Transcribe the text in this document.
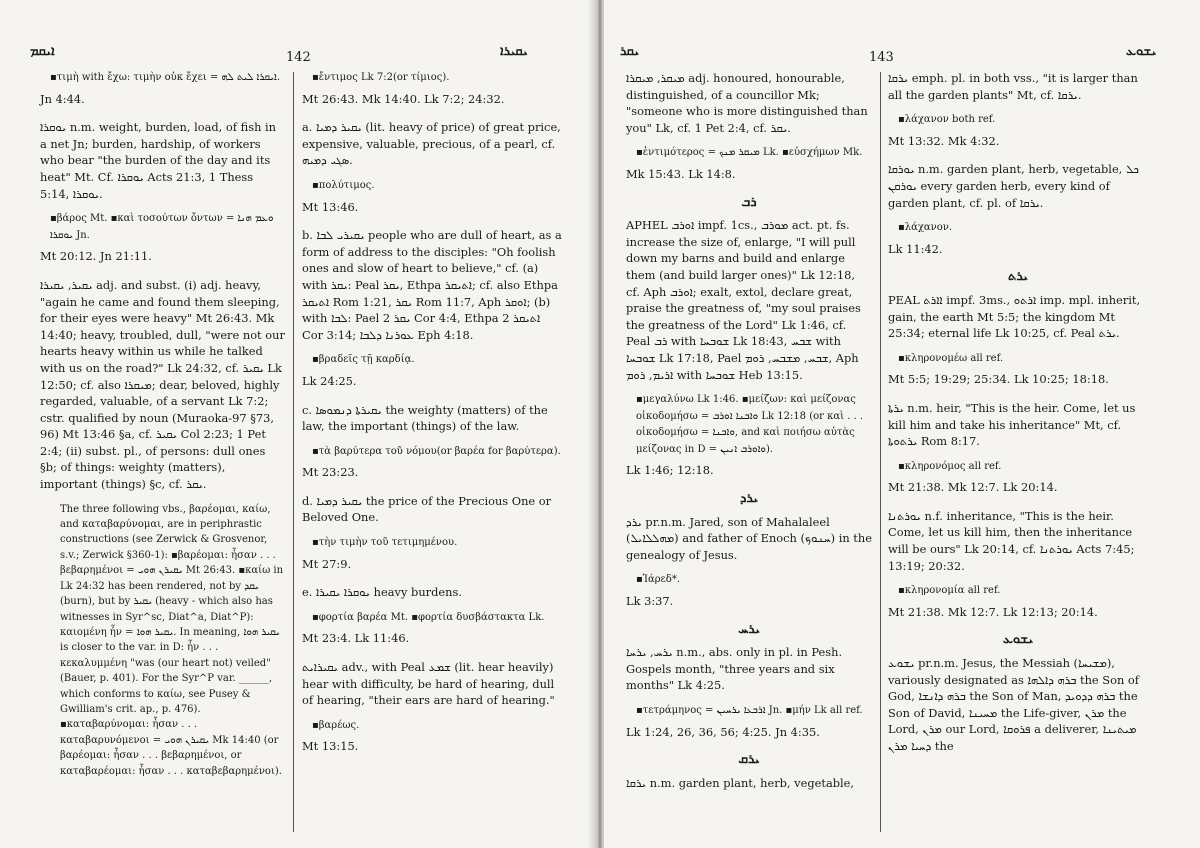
ܐܝܩܡ	142	ܝܩܝܪܐ

▪τιμὴ with ἔχω: τιμὴν οὐκ ἔχει = ܐܝܩܪܐ ܠܝܬ ܠܗ.

Jn 4:44.

ܝܘܩܪܐ n.m. weight, burden, load, of fish in a net Jn; burden, hardship, of workers who bear "the burden of the day and its heat" Mt. Cf. ܝܘܩܪܐ Acts 21:3, 1 Thess 5:14, ܝܘܩܪܐ.

▪βάρος Mt. ▪καὶ τοσούτων ὄντων = ܘܥܡ ܗܢܐ ܝܘܩܪܐ Jn.

Mt 20:12. Jn 21:11.

ܝܩܝܪ, ܝܩܝܪܐ adj. and subst. (i) adj. heavy, "again he came and found them sleeping, for their eyes were heavy" Mt 26:43. Mk 14:40; heavy, troubled, dull, "were not our hearts heavy within us while he talked with us on the road?" Lk 24:32, cf. ܝܩܝܪ Lk 12:50; cf. also ܡܝܩܪܐ; dear, beloved, highly regarded, valuable, of a servant Lk 7:2; cstr. qualified by noun (Muraoka-97 §73, 96) Mt 13:46 §a, cf. ܝܩܝܪ Col 2:23; 1 Pet 2:4; (ii) subst. pl., of persons: dull ones §b; of things: weighty (matters), important (things) §c, cf. ܝܩܪ.

The three following vbs., βαρέομαι, καίω, and καταβαρύνομαι, are in periphrastic constructions (see Zerwick & Grosvenor, s.v.; Zerwick §360-1): ▪βαρέομαι: ἦσαν . . . βεβαρημένοι = ܝܩܝܪܢ ܗܘܝ Mt 26:43. ▪καίω in Lk 24:32 has been rendered, not by ܝܩܕ (burn), but by ܝܩܝܪ (heavy - which also has witnesses in Syr^sc, Diat^a, Diat^P): καιομένη ἦν = ܝܩܝܪ ܗܘܐ. In meaning, ܝܩܝܪ ܗܘܐ is closer to the var. in D: ἦν . . . κεκαλυμμένη "was (our heart not) veiled" (Bauer, p. 401). For the Syr^P var. ______, which conforms to καίω, see Pusey & Gwilliam's crit. ap., p. 476). ▪καταβαρύνομαι: ἦσαν . . . καταβαρυνόμενοι = ܝܩܝܪܢ ܗܘܝ Mk 14:40 (or βαρέομαι: ἦσαν . . . βεβαρημένοι, or καταβαρέομαι: ἦσαν . . . καταβεβαρημένοι).

▪ἔντιμος Lk 7:2(or τίμιος).

Mt 26:43. Mk 14:40. Lk 7:2; 24:32.

a. ܝܩܝܪ ܕܡܝܐ (lit. heavy of price) of great price, expensive, valuable, precious, of a pearl, cf. ܣܓܝ ܕܡܝܗ.

▪πολύτιμος.

Mt 13:46.

b. ܝܩܝܪܝ ܠܒܐ people who are dull of heart, as a form of address to the disciples: "Oh foolish ones and slow of heart to believe," cf. (a) with ܝܩܪ: Peal ܝܩܪ, Ethpa ܐܬܝܩܪ; cf. also Ethpa ܐܬܝܩܪ Rom 1:21, ܝܩܪ Rom 11:7, Aph ܐܘܩܪ; (b) with ܠܒܐ: Pael ܝܩܪ 2 Cor 4:4, Ethpa ܐܬܝܩܪ 2 Cor 3:14; ܥܘܪܢܐ ܕܠܒܐ Eph 4:18.

▪βραδεῖς τῇ καρδίᾳ.

Lk 24:25.

c. ܝܩܝܪܬܐ ܕܢܡܘܣܐ the weighty (matters) of the law, the important (things) of the law.

▪τὰ βαρύτερα τοῦ νόμου(or βαρέα for βαρύτερα).

Mt 23:23.

d. ܝܩܝܪ ܕܡܝܐ the price of the Precious One or Beloved One.

▪τὴν τιμὴν τοῦ τετιμημένου.

Mt 27:9.

e. ܝܘܩܪܐ ܝܩܝܪܐ heavy burdens.

▪φορτία βαρέα Mt. ▪φορτία δυσβάστακτα Lk.

Mt 23:4. Lk 11:46.

ܝܩܝܪܐܝܬ adv., with Peal ܫܡܥ (lit. hear heavily) hear with difficulty, be hard of hearing, dull of hearing, "their ears are hard of hearing."

▪βαρέως.

Mt 13:15.

ܝܩܪ	143	ܝܫܘܥ

ܡܝܩܪ, ܡܝܩܪܐ adj. honoured, honourable, distinguished, of a councillor Mk; "someone who is more distinguished than you" Lk, cf. 1 Pet 2:4, cf. ܝܩܪ.

▪ἐντιμότερος = ܡܝܩܪ ܡܢܟ Lk. ▪εὐσχήμων Mk.

Mk 15:43. Lk 14:8.

ܪܒ

APHEL ܐܘܪܒ impf. 1cs., ܡܘܪܒ act. pt. fs. increase the size of, enlarge, "I will pull down my barns and build and enlarge them (and build larger ones)" Lk 12:18, cf. Aph ܐܘܪܒ; exalt, extol, declare great, praise the greatness of, "my soul praises the greatness of the Lord" Lk 1:46, cf. Peal ܪܒ with ܫܘܒܚܐ Lk 18:43, ܫܒܚ with ܫܘܒܚܐ Lk 17:18, Pael ܫܒܚ, ܡܫܒܚ, ܪܘܡ, Aph ܐܪܝܡ, ܪܘܡ with ܫܘܒܚܐ Heb 13:15.

▪μεγαλύνω Lk 1:46. ▪μείζων: καὶ μείζονας οἰκοδομήσω = ܘܐܒܢܐ ܐܘܪܒ Lk 12:18 (or καὶ . . . οἰκοδομήσω = ܘܐܒܢܐ, and καὶ ποιήσω αὐτὰς μείζονας in D = ܘܐܘܪܒ ܐܢܝܢ).

Lk 1:46; 12:18.

ܝܪܕ

ܝܪܕ pr.n.m. Jared, son of Mahalaleel (ܡܗܠܠܐܝܠ) and father of Enoch (ܚܢܘܟ) in the genealogy of Jesus.

▪Ἰάρεδ*.

Lk 3:37.

ܝܪܚ

ܝܪܚ, ܝܪܚܐ n.m., abs. only in pl. in Pesh. Gospels month, "three years and six months" Lk 4:25.

▪τετράμηνος = ܐܪܒܥܐ ܝܪܚܝܢ Jn. ▪μήν Lk all ref.

Lk 1:24, 26, 36, 56; 4:25. Jn 4:35.

ܝܪܩ

ܝܪܩܐ n.m. garden plant, herb, vegetable,

ܝܪܩܐ emph. pl. in both vss., "it is larger than all the garden plants" Mt, cf. ܝܪܩܐ.

▪λάχανον both ref.

Mt 13:32. Mk 4:32.

ܝܘܪܩܐ n.m. garden plant, herb, vegetable, ܟܠ ܝܘܪܩܢ every garden herb, every kind of garden plant, cf. pl. of ܝܪܩܐ.

▪λάχανον.

Lk 11:42.

ܝܪܬ

PEAL ܐܐܪܬ impf. 3ms., ܐܪܬܘ imp. mpl. inherit, gain, the earth Mt 5:5; the kingdom Mt 25:34; eternal life Lk 10:25, cf. Peal ܝܪܬ.

▪κληρονομέω all ref.

Mt 5:5; 19:29; 25:34. Lk 10:25; 18:18.

ܝܪܬܐ n.m. heir, "This is the heir. Come, let us kill him and take his inheritance" Mt, cf. ܝܪܬܘܬܐ Rom 8:17.

▪κληρονόμος all ref.

Mt 21:38. Mk 12:7. Lk 20:14.

ܝܘܪܬܢܐ n.f. inheritance, "This is the heir. Come, let us kill him, then the inheritance will be ours" Lk 20:14, cf. ܝܘܪܬܢܐ Acts 7:45; 13:19; 20:32.

▪κληρονομία all ref.

Mt 21:38. Mk 12:7. Lk 12:13; 20:14.

ܝܫܘܥ

ܝܫܘܥ pr.n.m. Jesus, the Messiah (ܡܫܝܚܐ), variously designated as ܒܪܗ ܕܐܠܗܐ the Son of God, ܒܪܗ ܕܐܢܫܐ the Son of Man, ܒܪܗ ܕܕܘܝܕ the Son of David, ܡܚܝܢܐ the Life-giver, ܡܪܢ the Lord, ܡܪܢ our Lord, ܦܪܘܩܐ a deliverer, ܡܝܬܝܢܐ ܕܚܝܐ ܡܪܢ the
